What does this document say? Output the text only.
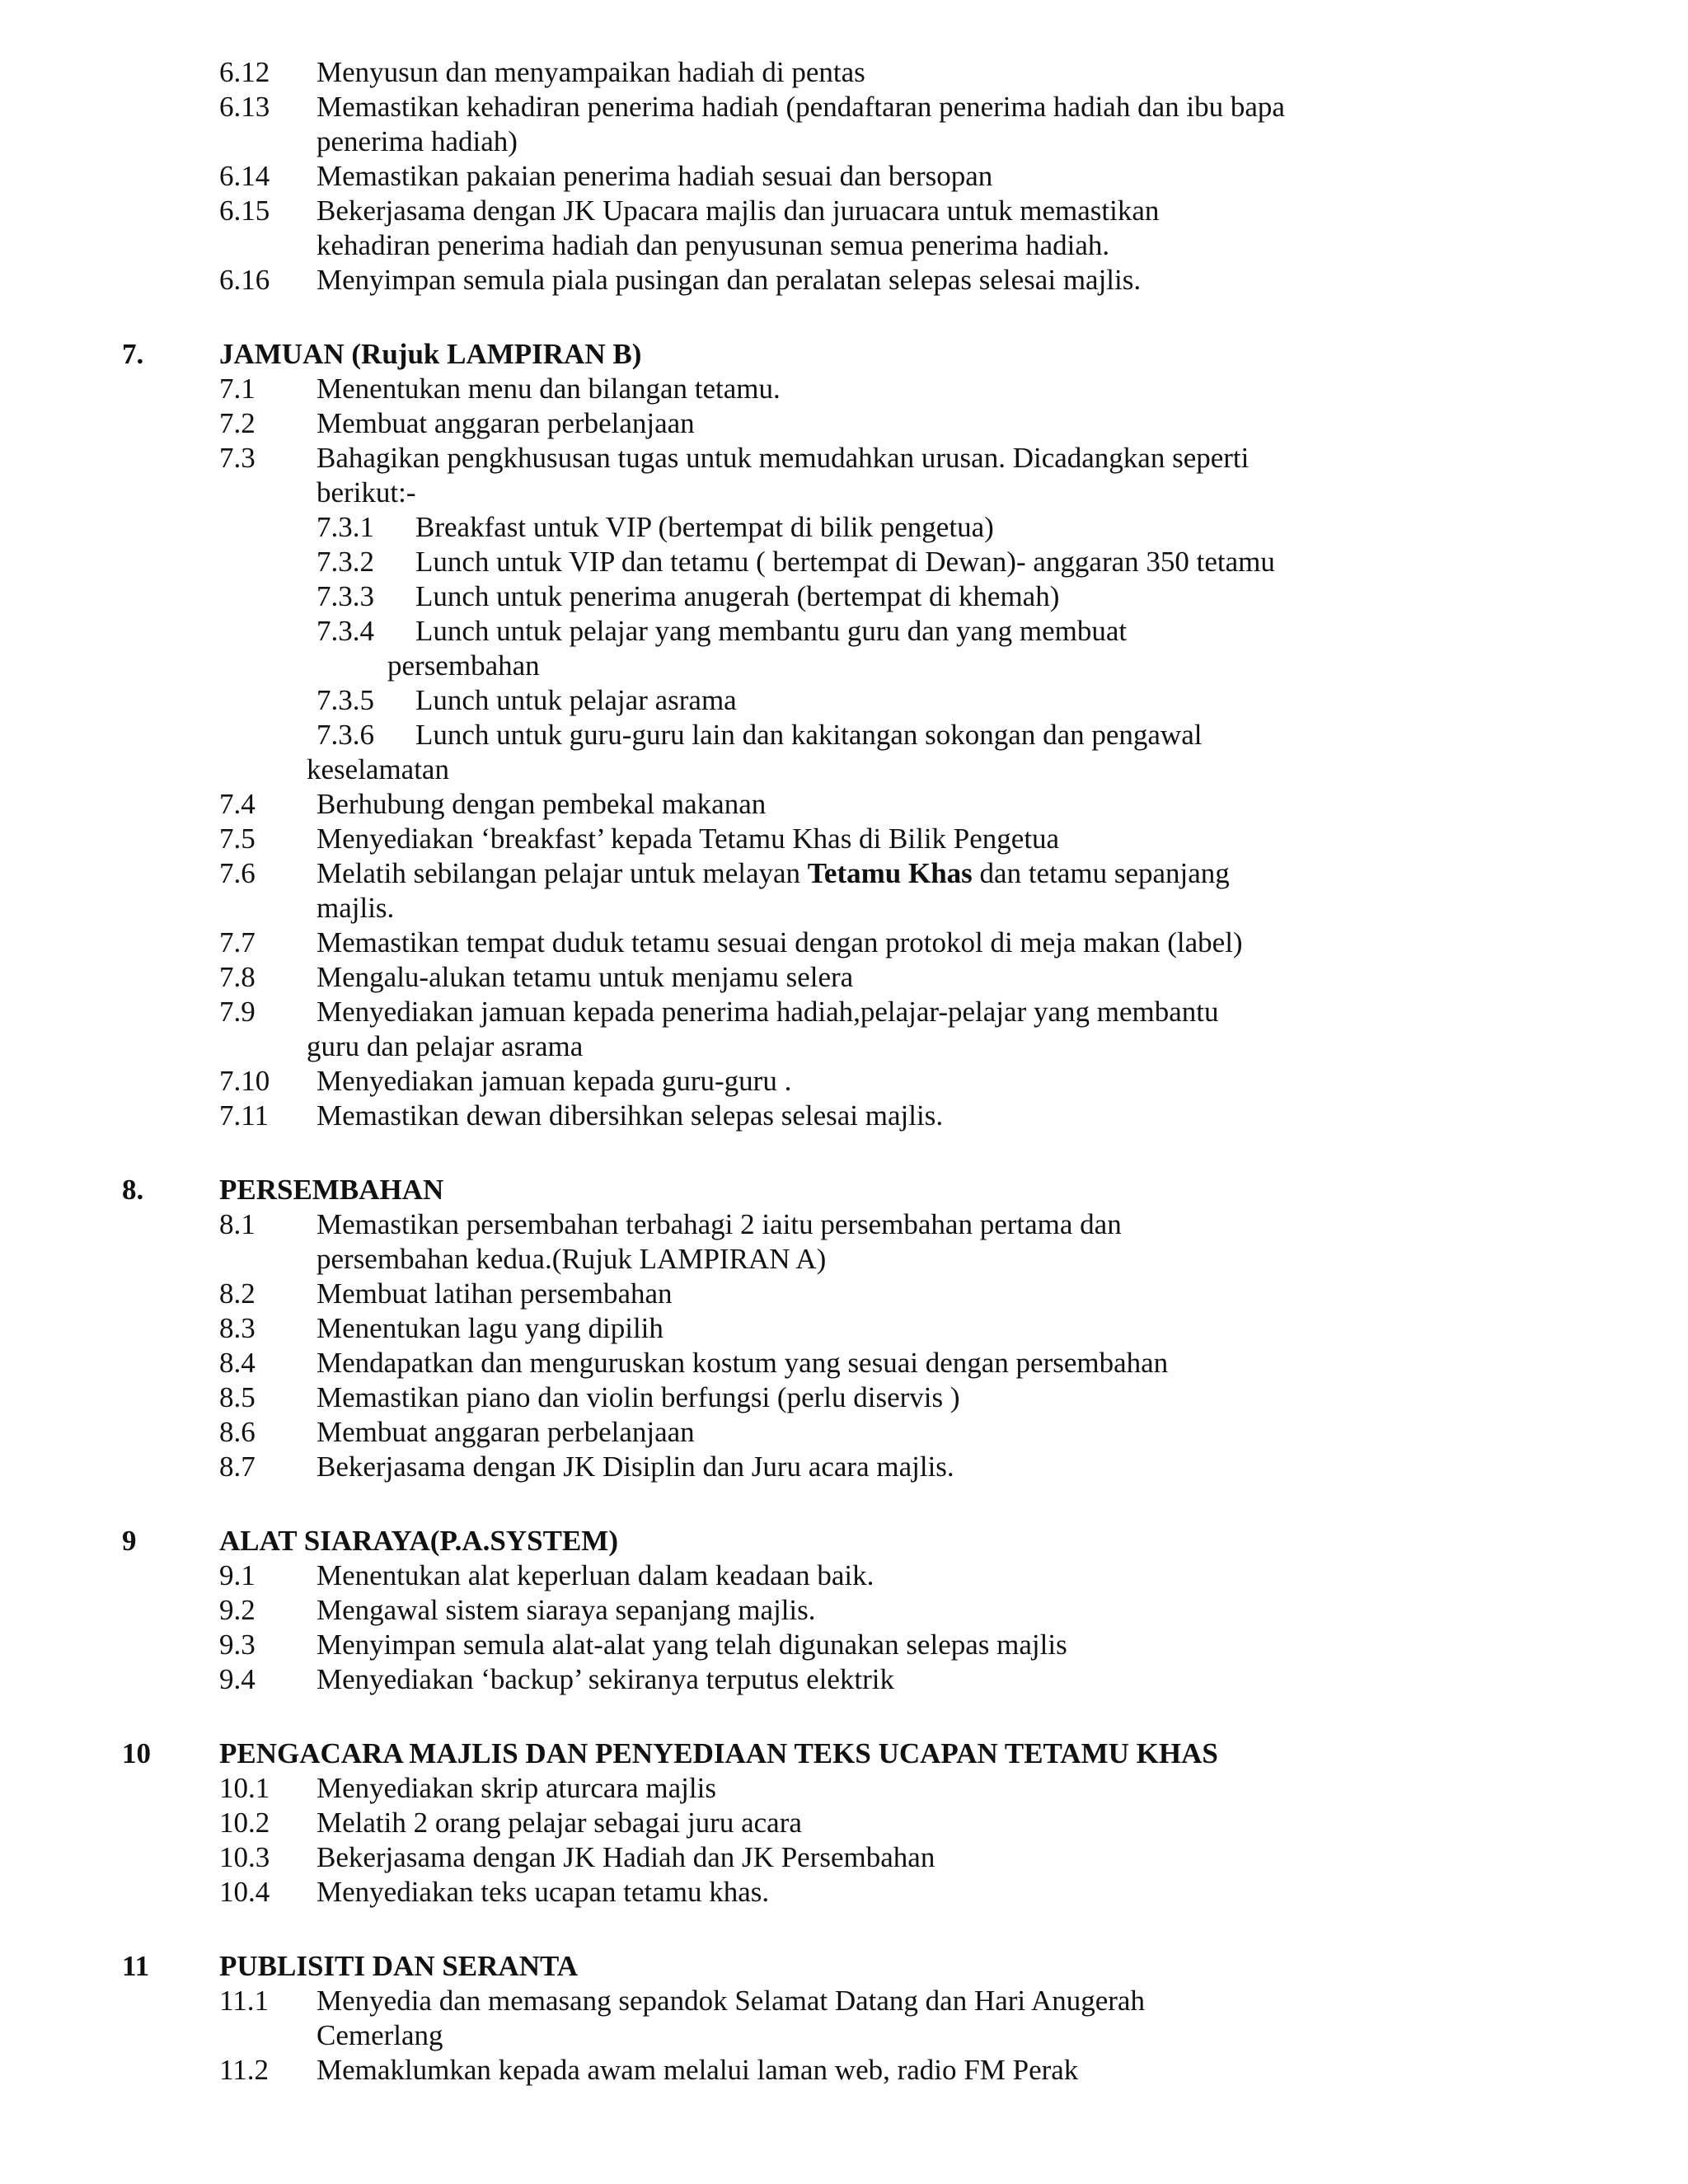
6.12 Menyusun dan menyampaikan hadiah di pentas
6.13 Memastikan kehadiran penerima hadiah (pendaftaran penerima hadiah dan ibu bapa
penerima hadiah)
6.14 Memastikan pakaian penerima hadiah sesuai dan bersopan
6.15 Bekerjasama dengan JK Upacara majlis dan juruacara untuk memastikan
kehadiran penerima hadiah dan penyusunan semua penerima hadiah.
6.16 Menyimpan semula piala pusingan dan peralatan selepas selesai majlis.
7.	JAMUAN (Rujuk LAMPIRAN B)
7.1 Menentukan menu dan bilangan tetamu.
7.2 Membuat anggaran perbelanjaan
7.3 Bahagikan pengkhususan tugas untuk memudahkan urusan. Dicadangkan seperti
berikut:-
7.3.1 Breakfast untuk VIP (bertempat di bilik pengetua)
7.3.2 Lunch untuk VIP dan tetamu ( bertempat di Dewan)- anggaran 350 tetamu
7.3.3 Lunch untuk penerima anugerah (bertempat di khemah)
7.3.4 Lunch untuk pelajar yang membantu guru dan yang membuat
persembahan
7.3.5 Lunch untuk pelajar asrama
7.3.6 Lunch untuk guru-guru lain dan kakitangan sokongan dan pengawal
keselamatan
7.4 Berhubung dengan pembekal makanan
7.5 Menyediakan ‘breakfast’ kepada Tetamu Khas di Bilik Pengetua
7.6 Melatih sebilangan pelajar untuk melayan Tetamu Khas dan tetamu sepanjang
majlis.
7.7 Memastikan tempat duduk tetamu sesuai dengan protokol di meja makan (label)
7.8 Mengalu-alukan tetamu untuk menjamu selera
7.9 Menyediakan jamuan kepada penerima hadiah,pelajar-pelajar yang membantu
guru dan pelajar asrama
7.10 Menyediakan jamuan kepada guru-guru .
7.11 Memastikan dewan dibersihkan selepas selesai majlis.
8.	PERSEMBAHAN
8.1 Memastikan persembahan terbahagi 2 iaitu persembahan pertama dan
persembahan kedua.(Rujuk LAMPIRAN A)
8.2 Membuat latihan persembahan
8.3 Menentukan lagu yang dipilih
8.4 Mendapatkan dan menguruskan kostum yang sesuai dengan persembahan
8.5 Memastikan piano dan violin berfungsi (perlu diservis )
8.6 Membuat anggaran perbelanjaan
8.7 Bekerjasama dengan JK Disiplin dan Juru acara majlis.
9	ALAT SIARAYA(P.A.SYSTEM)
9.1 Menentukan alat keperluan dalam keadaan baik.
9.2 Mengawal sistem siaraya sepanjang majlis.
9.3 Menyimpan semula alat-alat yang telah digunakan selepas majlis
9.4 Menyediakan ‘backup’ sekiranya terputus elektrik
10 PENGACARA MAJLIS DAN PENYEDIAAN TEKS UCAPAN TETAMU KHAS
10.1 Menyediakan skrip aturcara majlis
10.2 Melatih 2 orang pelajar sebagai juru acara
10.3 Bekerjasama dengan JK Hadiah dan JK Persembahan
10.4 Menyediakan teks ucapan tetamu khas.
11 PUBLISITI DAN SERANTA
11.1 Menyedia dan memasang sepandok Selamat Datang dan Hari Anugerah
Cemerlang
11.2 Memaklumkan kepada awam melalui laman web, radio FM Perak
